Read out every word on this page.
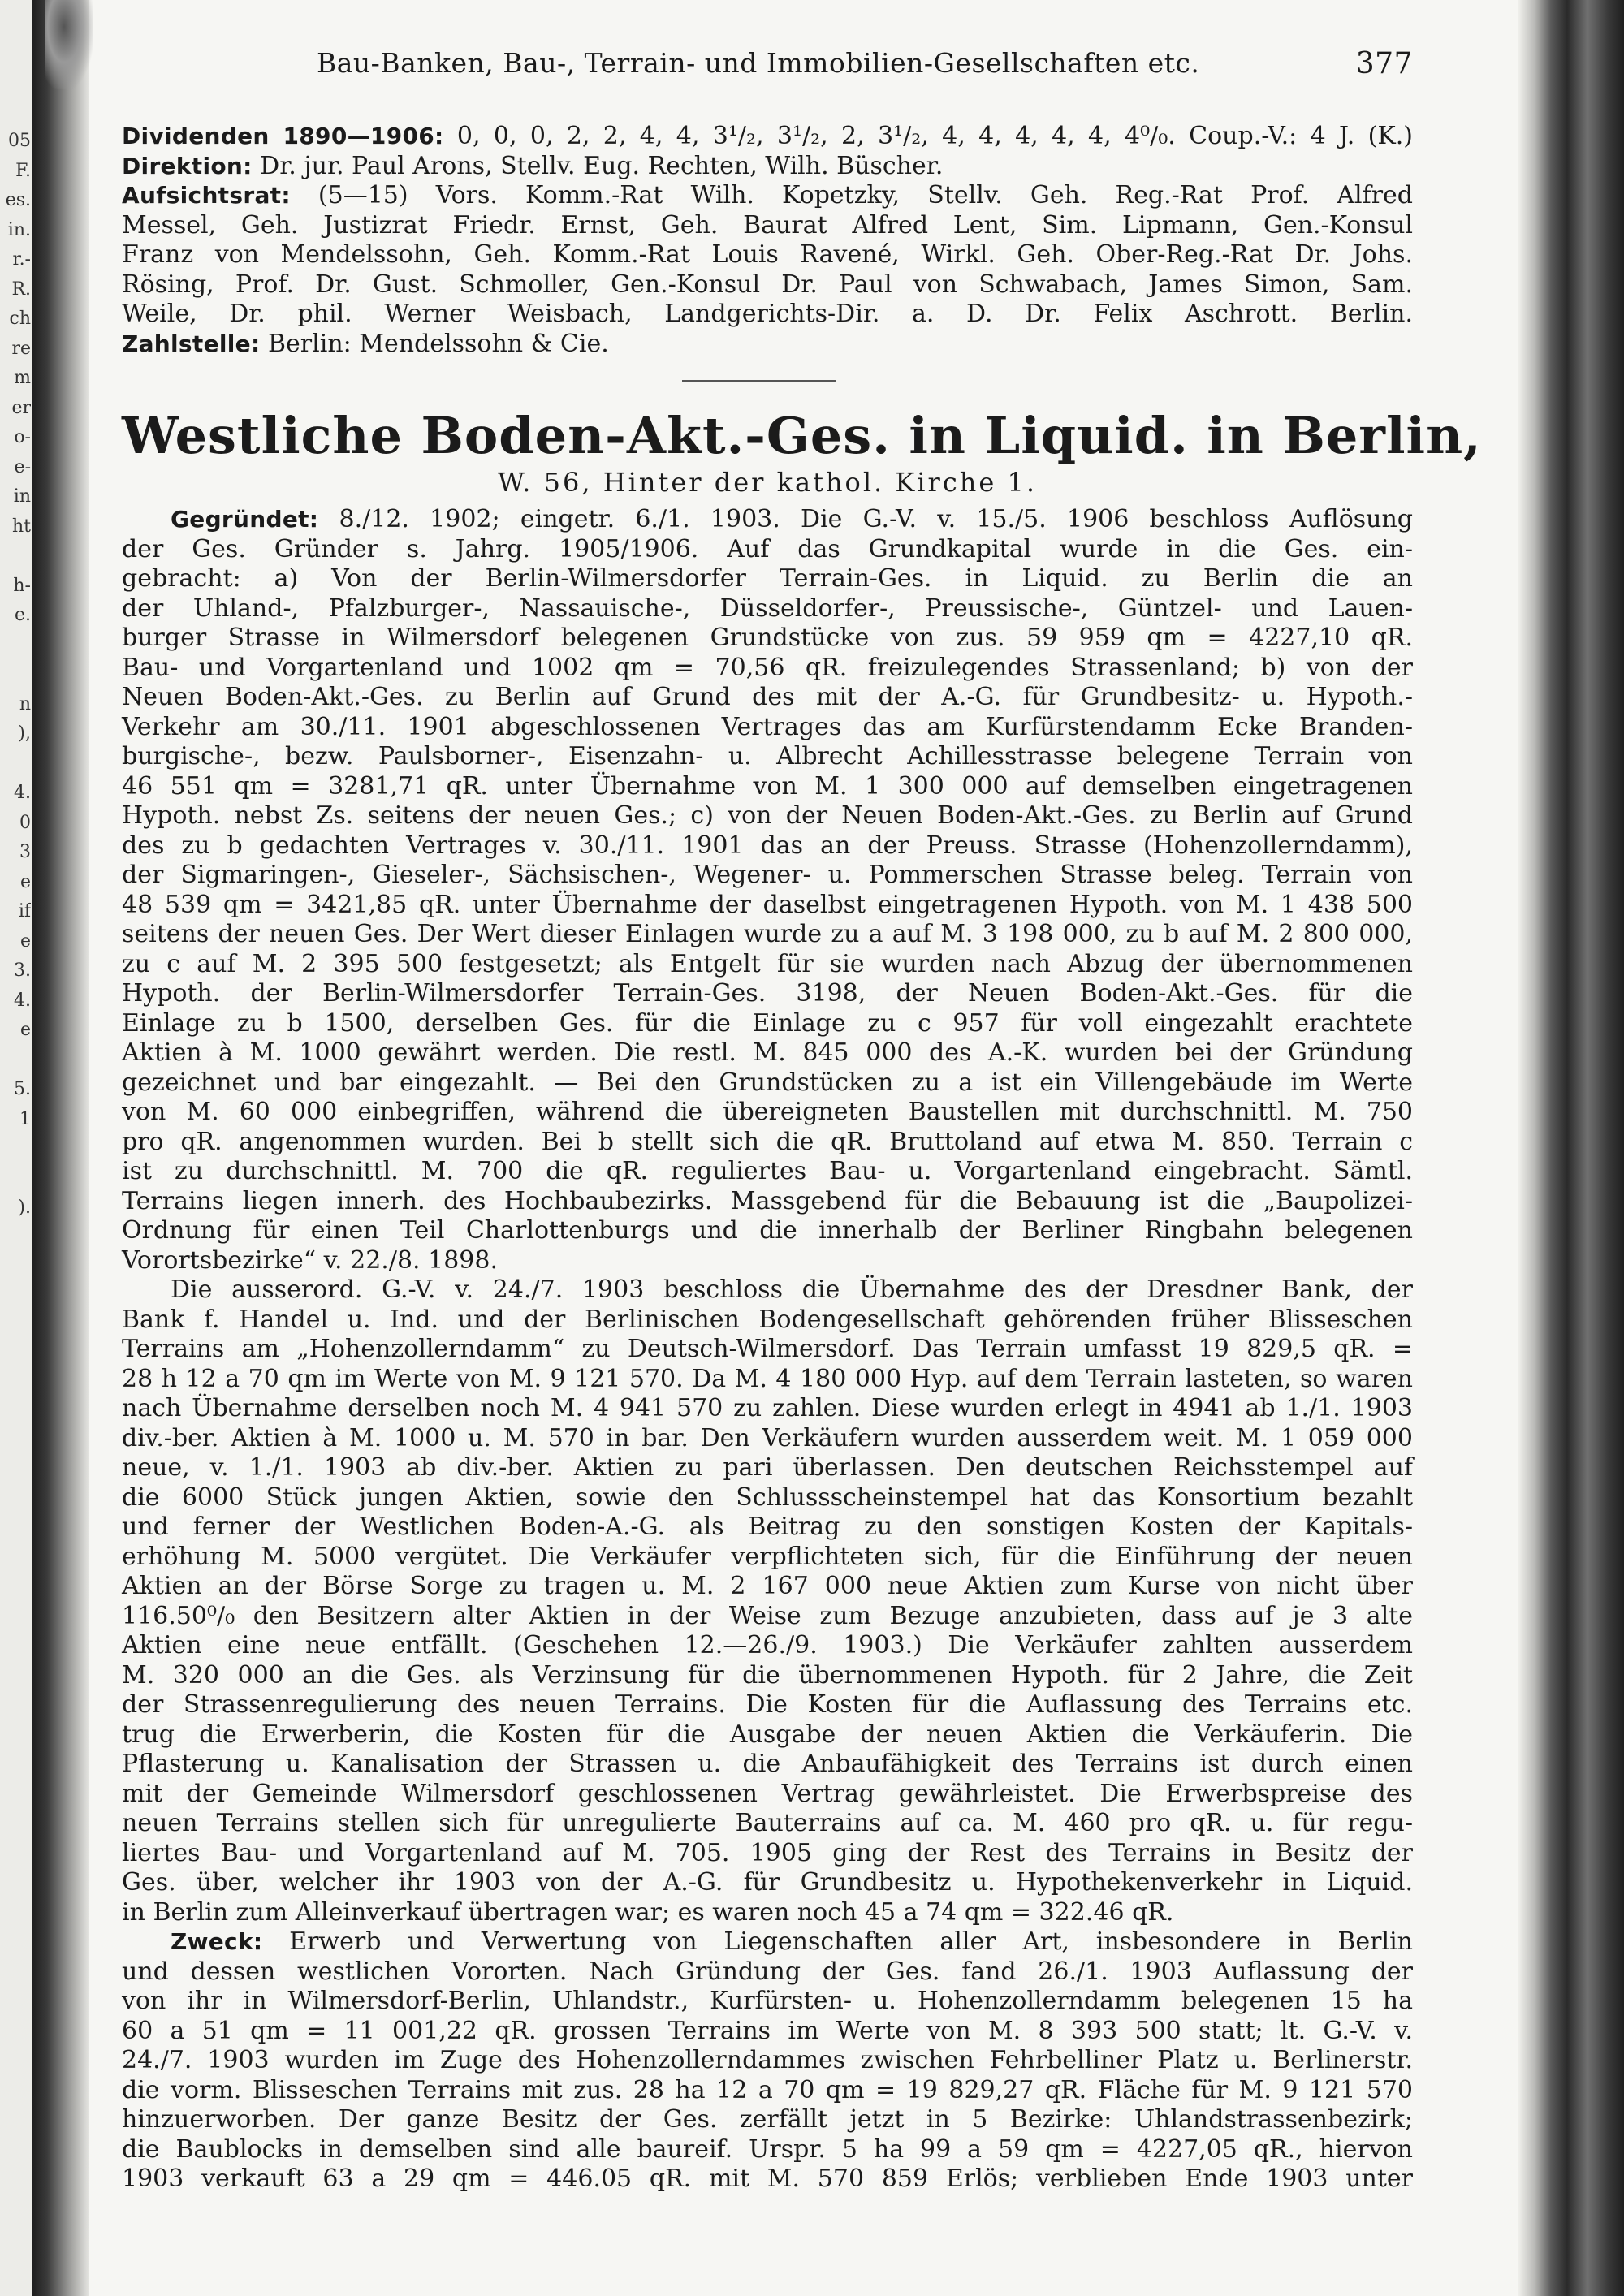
05
F.
es.
in.
r.-
R.
ch
re
m
er
o-
e-
in
ht
h-
e.
n
),
4.
0
3
e
if
e
3.
4.
e
5.
1
).
Bau-Banken, Bau-, Terrain- und Immobilien-Gesellschaften etc.	377
Dividenden 1890—1906: 0, 0, 0, 2, 2, 4, 4, 3¹/₂, 3¹/₂, 2, 3¹/₂, 4, 4, 4, 4, 4, 4⁰/₀. Coup.-V.: 4 J. (K.)
Direktion: Dr. jur. Paul Arons, Stellv. Eug. Rechten, Wilh. Büscher.
Aufsichtsrat: (5—15) Vors. Komm.-Rat Wilh. Kopetzky, Stellv. Geh. Reg.-Rat Prof. Alfred
Messel, Geh. Justizrat Friedr. Ernst, Geh. Baurat Alfred Lent, Sim. Lipmann, Gen.-Konsul
Franz von Mendelssohn, Geh. Komm.-Rat Louis Ravené, Wirkl. Geh. Ober-Reg.-Rat Dr. Johs.
Rösing, Prof. Dr. Gust. Schmoller, Gen.-Konsul Dr. Paul von Schwabach, James Simon, Sam.
Weile, Dr. phil. Werner Weisbach, Landgerichts-Dir. a. D. Dr. Felix Aschrott. Berlin.
Zahlstelle: Berlin: Mendelssohn & Cie.
Westliche Boden-Akt.-Ges. in Liquid. in Berlin,
W. 56, Hinter der kathol. Kirche 1.
Gegründet: 8./12. 1902; eingetr. 6./1. 1903. Die G.-V. v. 15./5. 1906 beschloss Auflösung
der Ges. Gründer s. Jahrg. 1905/1906. Auf das Grundkapital wurde in die Ges. ein-
gebracht: a) Von der Berlin-Wilmersdorfer Terrain-Ges. in Liquid. zu Berlin die an
der Uhland-, Pfalzburger-, Nassauische-, Düsseldorfer-, Preussische-, Güntzel- und Lauen-
burger Strasse in Wilmersdorf belegenen Grundstücke von zus. 59 959 qm = 4227,10 qR.
Bau- und Vorgartenland und 1002 qm = 70,56 qR. freizulegendes Strassenland; b) von der
Neuen Boden-Akt.-Ges. zu Berlin auf Grund des mit der A.-G. für Grundbesitz- u. Hypoth.-
Verkehr am 30./11. 1901 abgeschlossenen Vertrages das am Kurfürstendamm Ecke Branden-
burgische-, bezw. Paulsborner-, Eisenzahn- u. Albrecht Achillesstrasse belegene Terrain von
46 551 qm = 3281,71 qR. unter Übernahme von M. 1 300 000 auf demselben eingetragenen
Hypoth. nebst Zs. seitens der neuen Ges.; c) von der Neuen Boden-Akt.-Ges. zu Berlin auf Grund
des zu b gedachten Vertrages v. 30./11. 1901 das an der Preuss. Strasse (Hohenzollerndamm),
der Sigmaringen-, Gieseler-, Sächsischen-, Wegener- u. Pommerschen Strasse beleg. Terrain von
48 539 qm = 3421,85 qR. unter Übernahme der daselbst eingetragenen Hypoth. von M. 1 438 500
seitens der neuen Ges. Der Wert dieser Einlagen wurde zu a auf M. 3 198 000, zu b auf M. 2 800 000,
zu c auf M. 2 395 500 festgesetzt; als Entgelt für sie wurden nach Abzug der übernommenen
Hypoth. der Berlin-Wilmersdorfer Terrain-Ges. 3198, der Neuen Boden-Akt.-Ges. für die
Einlage zu b 1500, derselben Ges. für die Einlage zu c 957 für voll eingezahlt erachtete
Aktien à M. 1000 gewährt werden. Die restl. M. 845 000 des A.-K. wurden bei der Gründung
gezeichnet und bar eingezahlt. — Bei den Grundstücken zu a ist ein Villengebäude im Werte
von M. 60 000 einbegriffen, während die übereigneten Baustellen mit durchschnittl. M. 750
pro qR. angenommen wurden. Bei b stellt sich die qR. Bruttoland auf etwa M. 850. Terrain c
ist zu durchschnittl. M. 700 die qR. reguliertes Bau- u. Vorgartenland eingebracht. Sämtl.
Terrains liegen innerh. des Hochbaubezirks. Massgebend für die Bebauung ist die „Baupolizei-
Ordnung für einen Teil Charlottenburgs und die innerhalb der Berliner Ringbahn belegenen
Vorortsbezirke“ v. 22./8. 1898.
Die ausserord. G.-V. v. 24./7. 1903 beschloss die Übernahme des der Dresdner Bank, der
Bank f. Handel u. Ind. und der Berlinischen Bodengesellschaft gehörenden früher Blisseschen
Terrains am „Hohenzollerndamm“ zu Deutsch-Wilmersdorf. Das Terrain umfasst 19 829,5 qR. =
28 h 12 a 70 qm im Werte von M. 9 121 570. Da M. 4 180 000 Hyp. auf dem Terrain lasteten, so waren
nach Übernahme derselben noch M. 4 941 570 zu zahlen. Diese wurden erlegt in 4941 ab 1./1. 1903
div.-ber. Aktien à M. 1000 u. M. 570 in bar. Den Verkäufern wurden ausserdem weit. M. 1 059 000
neue, v. 1./1. 1903 ab div.-ber. Aktien zu pari überlassen. Den deutschen Reichsstempel auf
die 6000 Stück jungen Aktien, sowie den Schlussscheinstempel hat das Konsortium bezahlt
und ferner der Westlichen Boden-A.-G. als Beitrag zu den sonstigen Kosten der Kapitals-
erhöhung M. 5000 vergütet. Die Verkäufer verpflichteten sich, für die Einführung der neuen
Aktien an der Börse Sorge zu tragen u. M. 2 167 000 neue Aktien zum Kurse von nicht über
116.50⁰/₀ den Besitzern alter Aktien in der Weise zum Bezuge anzubieten, dass auf je 3 alte
Aktien eine neue entfällt. (Geschehen 12.—26./9. 1903.) Die Verkäufer zahlten ausserdem
M. 320 000 an die Ges. als Verzinsung für die übernommenen Hypoth. für 2 Jahre, die Zeit
der Strassenregulierung des neuen Terrains. Die Kosten für die Auflassung des Terrains etc.
trug die Erwerberin, die Kosten für die Ausgabe der neuen Aktien die Verkäuferin. Die
Pflasterung u. Kanalisation der Strassen u. die Anbaufähigkeit des Terrains ist durch einen
mit der Gemeinde Wilmersdorf geschlossenen Vertrag gewährleistet. Die Erwerbspreise des
neuen Terrains stellen sich für unregulierte Bauterrains auf ca. M. 460 pro qR. u. für regu-
liertes Bau- und Vorgartenland auf M. 705. 1905 ging der Rest des Terrains in Besitz der
Ges. über, welcher ihr 1903 von der A.-G. für Grundbesitz u. Hypothekenverkehr in Liquid.
in Berlin zum Alleinverkauf übertragen war; es waren noch 45 a 74 qm = 322.46 qR.
Zweck: Erwerb und Verwertung von Liegenschaften aller Art, insbesondere in Berlin
und dessen westlichen Vororten. Nach Gründung der Ges. fand 26./1. 1903 Auflassung der
von ihr in Wilmersdorf-Berlin, Uhlandstr., Kurfürsten- u. Hohenzollerndamm belegenen 15 ha
60 a 51 qm = 11 001,22 qR. grossen Terrains im Werte von M. 8 393 500 statt; lt. G.-V. v.
24./7. 1903 wurden im Zuge des Hohenzollerndammes zwischen Fehrbelliner Platz u. Berlinerstr.
die vorm. Blisseschen Terrains mit zus. 28 ha 12 a 70 qm = 19 829,27 qR. Fläche für M. 9 121 570
hinzuerworben. Der ganze Besitz der Ges. zerfällt jetzt in 5 Bezirke: Uhlandstrassenbezirk;
die Baublocks in demselben sind alle baureif. Urspr. 5 ha 99 a 59 qm = 4227,05 qR., hiervon
1903 verkauft 63 a 29 qm = 446.05 qR. mit M. 570 859 Erlös; verblieben Ende 1903 unter
